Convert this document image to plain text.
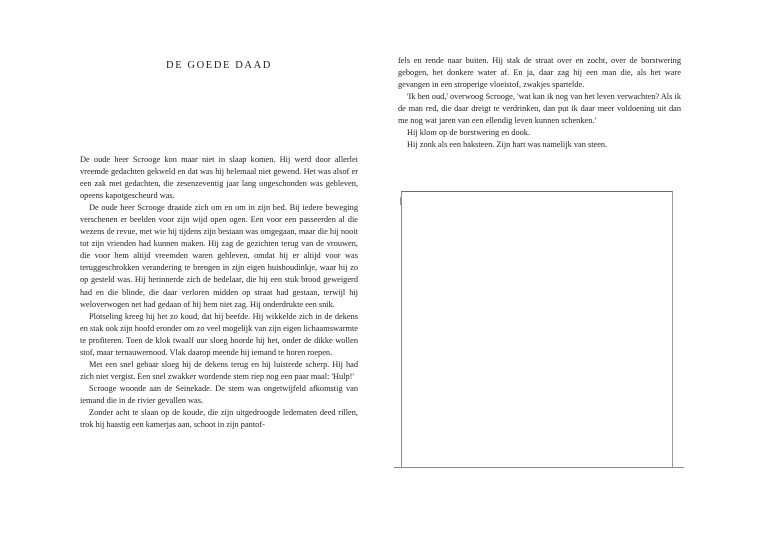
DE GOEDE DAAD

De oude heer Scrooge kon maar niet in slaap komen. Hij werd door allerlei vreemde gedachten gekweld en dat was hij helemaal niet gewend. Het was alsof er een zak met gedachten, die zesenzeventig jaar lang ongeschonden was gebleven, opeens kapotgescheurd was.

De oude heer Scrooge draaide zich om en om in zijn bed. Bij iedere beweging verschenen er beelden voor zijn wijd open ogen. Een voor een passeerden al die wezens de revue, met wie hij tijdens zijn bestaan was omgegaan, maar die hij nooit tot zijn vrienden had kunnen maken. Hij zag de gezichten terug van de vrouwen, die voor hem altijd vreemden waren gebleven, omdat hij er altijd voor was teruggeschrokken verandering te brengen in zijn eigen huishoudinkje, waar hij zo op gesteld was. Hij herinnerde zich de bedelaar, die hij een stuk brood geweigerd had en die blinde, die daar verloren midden op straat had gestaan, terwijl hij weloverwogen net had gedaan of hij hem niet zag. Hij onderdrukte een snik.

Plotseling kreeg hij het zo koud, dat hij beefde. Hij wikkelde zich in de dekens en stak ook zijn hoofd eronder om zo veel mogelijk van zijn eigen lichaamswarmte te profiteren. Toen de klok twaalf uur sloeg hoorde hij het, onder de dikke wollen stof, maar ternauwernood. Vlak daarop meende hij iemand te horen roepen.

Met een snel gebaar sloeg hij de dekens terug en hij luisterde scherp. Hij had zich niet vergist. Een snel zwakker wordende stem riep nog een paar maal: 'Hulp!'

Scrooge woonde aan de Seinekade. De stem was ongetwijfeld afkomstig van iemand die in de rivier gevallen was.

Zonder acht te slaan op de koude, die zijn uitgedroogde ledematen deed rillen, trok hij haastig een kamerjas aan, schoot in zijn pantof-

fels en rende naar buiten. Hij stak de straat over en zocht, over de borstwering gebogen, het donkere water af. En ja, daar zag hij een man die, als het ware gevangen in een stroperige vloeistof, zwakjes spartelde.

'Ik ben oud,' overwoog Scrooge, 'wat kan ik nog van het leven verwachten? Als ik de man red, die daar dreigt te verdrinken, dan put ik daar meer voldoening uit dan me nog wat jaren van een ellendig leven kunnen schenken.'

Hij klom op de borstwering en dook.

Hij zonk als een baksteen. Zijn hart was namelijk van steen.
